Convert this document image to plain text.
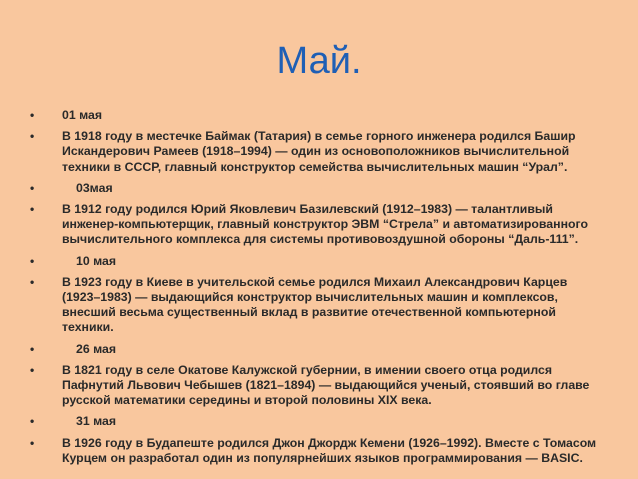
Май.
•	01 мая
•	В 1918 году в местечке Баймак (Татария) в семье горного инженера родился Башир Искандерович Рамеев (1918–1994) — один из основоположников вычислительной техники в СССР, главный конструктор семейства вычислительных машин “Урал”.
•	03мая
•	В 1912 году родился Юрий Яковлевич Базилевский (1912–1983) — талантливый инженер-компьютерщик, главный конструктор ЭВМ “Стрела” и автоматизированного вычислительного комплекса для системы противовоздушной обороны “Даль-111”.
•	10 мая
•	В 1923 году в Киеве в учительской семье родился Михаил Александрович Карцев (1923–1983) — выдающийся конструктор вычислительных машин и комплексов, внесший весьма существенный вклад в развитие отечественной компьютерной техники.
•	26 мая
•	В 1821 году в селе Окатове Калужской губернии, в имении своего отца родился Пафнутий Львович Чебышев (1821–1894) — выдающийся ученый, стоявший во главе русской математики середины и второй половины XIX века.
•	31 мая
•	В 1926 году в Будапеште родился Джон Джордж Кемени (1926–1992). Вместе с Томасом Курцем он разработал один из популярнейших языков программирования — BASIC.
